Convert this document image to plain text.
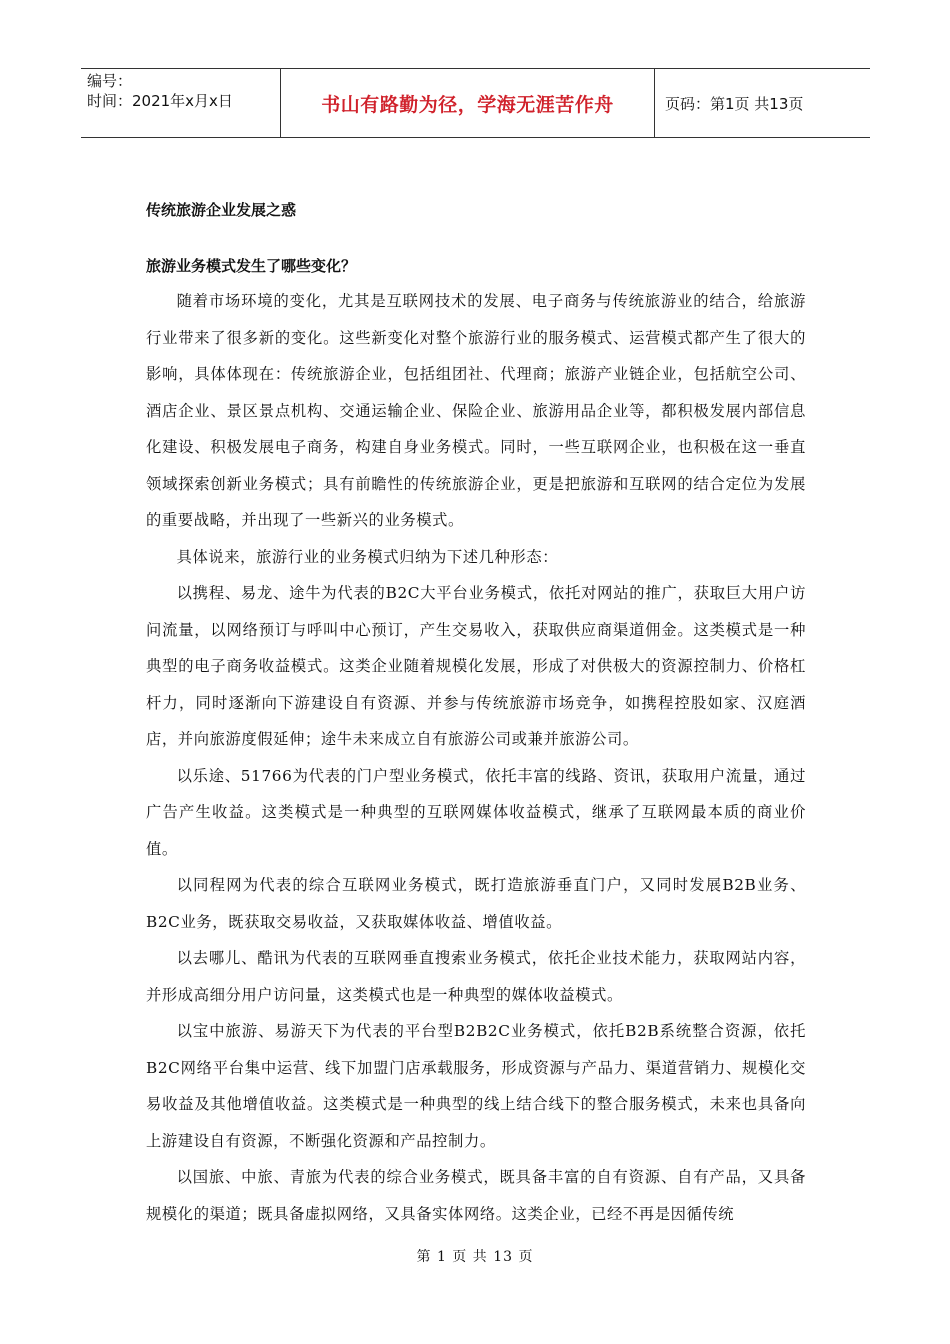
编号：
时间：2021年x月x日	书山有路勤为径，学海无涯苦作舟	页码：第1页 共13页
传统旅游企业发展之惑
旅游业务模式发生了哪些变化？

随着市场环境的变化，尤其是互联网技术的发展、电子商务与传统旅游业的结合，给旅游行业带来了很多新的变化。这些新变化对整个旅游行业的服务模式、运营模式都产生了很大的影响，具体体现在：传统旅游企业，包括组团社、代理商；旅游产业链企业，包括航空公司、酒店企业、景区景点机构、交通运输企业、保险企业、旅游用品企业等，都积极发展内部信息化建设、积极发展电子商务，构建自身业务模式。同时，一些互联网企业，也积极在这一垂直领域探索创新业务模式；具有前瞻性的传统旅游企业，更是把旅游和互联网的结合定位为发展的重要战略，并出现了一些新兴的业务模式。

具体说来，旅游行业的业务模式归纳为下述几种形态：

以携程、易龙、途牛为代表的B2C大平台业务模式，依托对网站的推广，获取巨大用户访问流量，以网络预订与呼叫中心预订，产生交易收入，获取供应商渠道佣金。这类模式是一种典型的电子商务收益模式。这类企业随着规模化发展，形成了对供极大的资源控制力、价格杠杆力，同时逐渐向下游建设自有资源、并参与传统旅游市场竞争，如携程控股如家、汉庭酒店，并向旅游度假延伸；途牛未来成立自有旅游公司或兼并旅游公司。

以乐途、51766为代表的门户型业务模式，依托丰富的线路、资讯，获取用户流量，通过广告产生收益。这类模式是一种典型的互联网媒体收益模式，继承了互联网最本质的商业价值。

以同程网为代表的综合互联网业务模式，既打造旅游垂直门户，又同时发展B2B业务、B2C业务，既获取交易收益，又获取媒体收益、增值收益。

以去哪儿、酷讯为代表的互联网垂直搜索业务模式，依托企业技术能力，获取网站内容，并形成高细分用户访问量，这类模式也是一种典型的媒体收益模式。

以宝中旅游、易游天下为代表的平台型B2B2C业务模式，依托B2B系统整合资源，依托B2C网络平台集中运营、线下加盟门店承载服务，形成资源与产品力、渠道营销力、规模化交易收益及其他增值收益。这类模式是一种典型的线上结合线下的整合服务模式，未来也具备向上游建设自有资源，不断强化资源和产品控制力。

以国旅、中旅、青旅为代表的综合业务模式，既具备丰富的自有资源、自有产品，又具备规模化的渠道；既具备虚拟网络，又具备实体网络。这类企业，已经不再是因循传统

第 1 页 共 13 页
